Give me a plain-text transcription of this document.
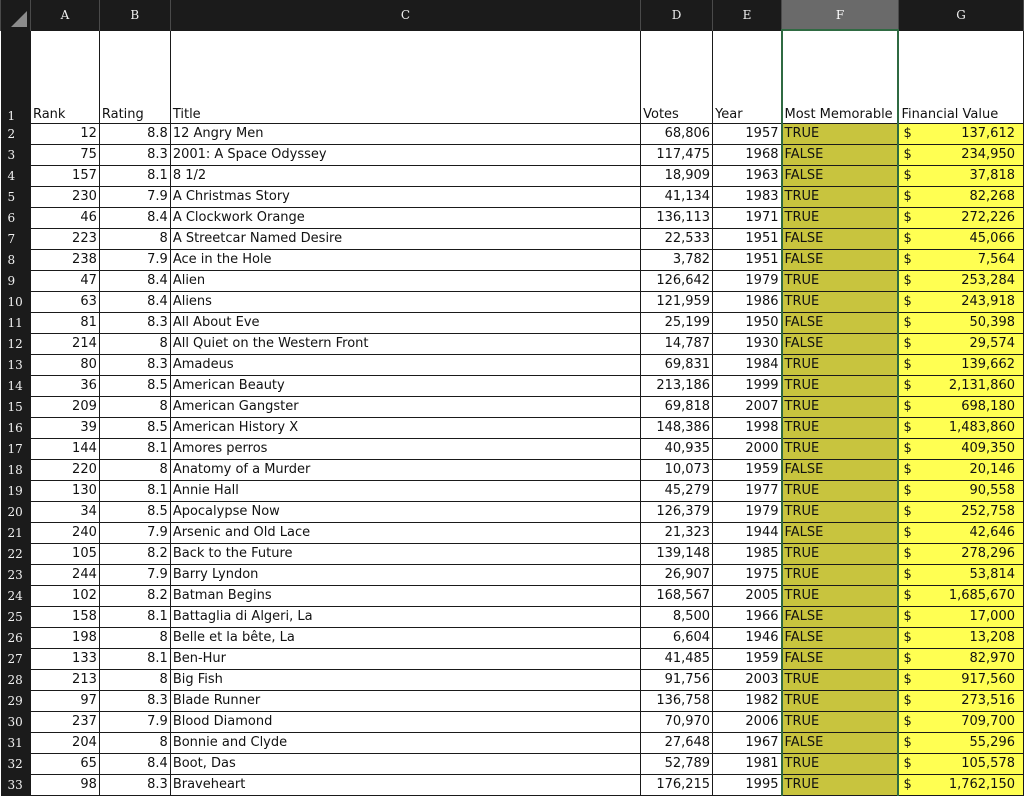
	A	B	C	D	E	F	G
1	Rank	Rating	Title	Votes	Year	Most Memorable	Financial Value
2	12	8.8	12 Angry Men	68,806	1957	TRUE	$ 137,612

3	75	8.3	2001: A Space Odyssey	117,475	1968	FALSE	$ 234,950

4	157	8.1	8 1/2	18,909	1963	FALSE	$ 37,818

5	230	7.9	A Christmas Story	41,134	1983	TRUE	$ 82,268

6	46	8.4	A Clockwork Orange	136,113	1971	TRUE	$ 272,226

7	223	8	A Streetcar Named Desire	22,533	1951	FALSE	$ 45,066

8	238	7.9	Ace in the Hole	3,782	1951	FALSE	$ 7,564

9	47	8.4	Alien	126,642	1979	TRUE	$ 253,284

10	63	8.4	Aliens	121,959	1986	TRUE	$ 243,918

11	81	8.3	All About Eve	25,199	1950	FALSE	$ 50,398

12	214	8	All Quiet on the Western Front	14,787	1930	FALSE	$ 29,574

13	80	8.3	Amadeus	69,831	1984	TRUE	$ 139,662

14	36	8.5	American Beauty	213,186	1999	TRUE	$ 2,131,860

15	209	8	American Gangster	69,818	2007	TRUE	$ 698,180

16	39	8.5	American History X	148,386	1998	TRUE	$ 1,483,860

17	144	8.1	Amores perros	40,935	2000	TRUE	$ 409,350

18	220	8	Anatomy of a Murder	10,073	1959	FALSE	$ 20,146

19	130	8.1	Annie Hall	45,279	1977	TRUE	$ 90,558

20	34	8.5	Apocalypse Now	126,379	1979	TRUE	$ 252,758

21	240	7.9	Arsenic and Old Lace	21,323	1944	FALSE	$ 42,646

22	105	8.2	Back to the Future	139,148	1985	TRUE	$ 278,296

23	244	7.9	Barry Lyndon	26,907	1975	TRUE	$ 53,814

24	102	8.2	Batman Begins	168,567	2005	TRUE	$ 1,685,670

25	158	8.1	Battaglia di Algeri, La	8,500	1966	FALSE	$ 17,000

26	198	8	Belle et la bête, La	6,604	1946	FALSE	$ 13,208

27	133	8.1	Ben-Hur	41,485	1959	FALSE	$ 82,970

28	213	8	Big Fish	91,756	2003	TRUE	$ 917,560

29	97	8.3	Blade Runner	136,758	1982	TRUE	$ 273,516

30	237	7.9	Blood Diamond	70,970	2006	TRUE	$ 709,700

31	204	8	Bonnie and Clyde	27,648	1967	FALSE	$ 55,296

32	65	8.4	Boot, Das	52,789	1981	TRUE	$ 105,578

33	98	8.3	Braveheart	176,215	1995	TRUE	$ 1,762,150
